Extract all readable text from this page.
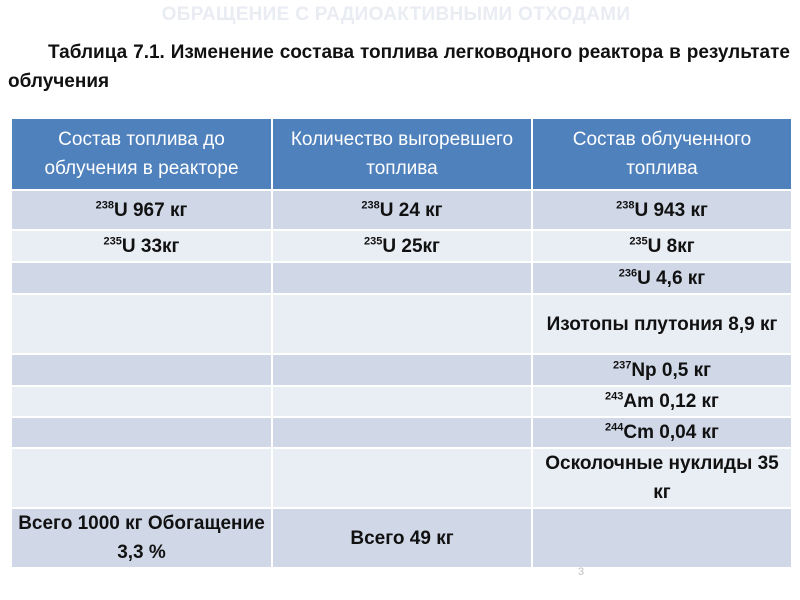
ОБРАЩЕНИЕ С РАДИОАКТИВНЫМИ ОТХОДАМИ
Таблица 7.1. Изменение состава топлива легководного реактора в результате облучения
Состав топлива до облучения в реакторе	Количество выгоревшего топлива	Состав облученного топлива
$^{238}$U 967 кг	$^{238}$U 24 кг	$^{238}$U 943 кг
$^{235}$U 33кг	$^{235}$U 25кг	$^{235}$U 8кг
		$^{236}$U 4,6 кг
		Изотопы плутония 8,9 кг
		$^{237}$Np 0,5 кг
		$^{243}$Am 0,12 кг
		$^{244}$Cm 0,04 кг
		Осколочные нуклиды 35 кг
Всего 1000 кг Обогащение 3,3 %	Всего 49 кг	
3
